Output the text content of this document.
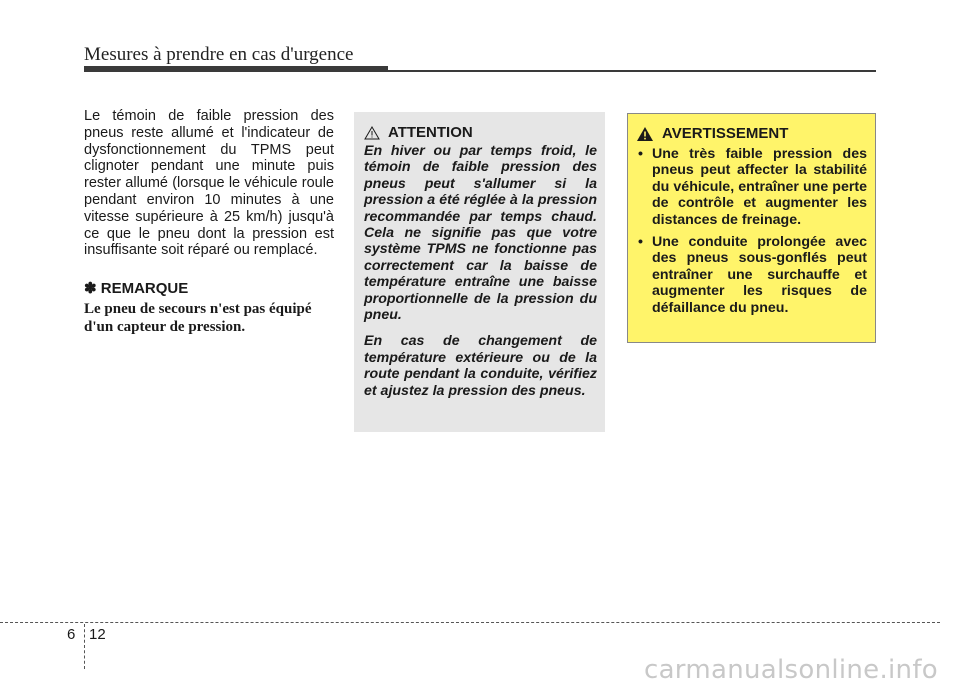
Mesures à prendre en cas d'urgence

Le témoin de faible pression des pneus reste allumé et l'indicateur de dysfonctionnement du TPMS peut clignoter pendant une minute puis rester allumé (lorsque le véhicule roule pendant environ 10 minutes à une vitesse supérieure à 25 km/h) jusqu'à ce que le pneu dont la pression est insuffisante soit réparé ou remplacé.

✽ REMARQUE
Le pneu de secours n'est pas équipé d'un capteur de pression.
ATTENTION

En hiver ou par temps froid, le témoin de faible pression des pneus peut s'allumer si la pression a été réglée à la pression recommandée par temps chaud. Cela ne signifie pas que votre système TPMS ne fonctionne pas correctement car la baisse de température entraîne une baisse proportionnelle de la pression du pneu.

En cas de changement de température extérieure ou de la route pendant la conduite, vérifiez et ajustez la pression des pneus.

AVERTISSEMENT
• Une très faible pression des pneus peut affecter la stabilité du véhicule, entraîner une perte de contrôle et augmenter les distances de freinage.
• Une conduite prolongée avec des pneus sous-gonflés peut entraîner une surchauffe et augmenter les risques de défaillance du pneu.
6 12
carmanualsonline.info
